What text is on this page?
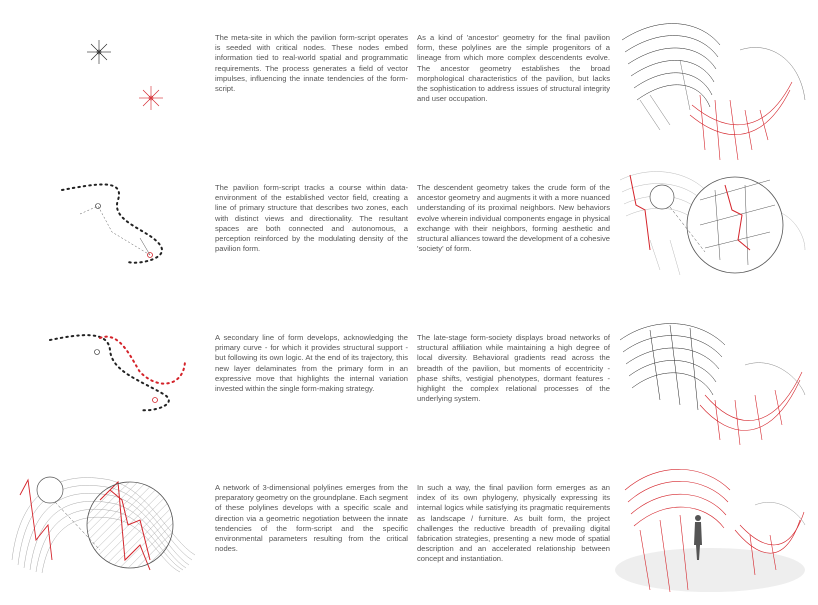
The meta-site in which the pavilion form-script operates is seeded with critical nodes. These nodes embed information tied to real-world spatial and programmatic requirements. The process generates a field of vector impulses, influencing the innate tendencies of the form-script.
As a kind of 'ancestor' geometry for the final pavilion form, these polylines are the simple progenitors of a lineage from which more complex descendents evolve. The ancestor geometry establishes the broad morphological characteristics of the pavilion, but lacks the sophistication to address issues of structural integrity and user occupation.
The pavilion form-script tracks a course within data-environment of the established vector field, creating a line of primary structure that describes two zones, each with distinct views and directionality. The resultant spaces are both connected and autonomous, a perception reinforced by the modulating density of the pavilion form.
The descendent geometry takes the crude form of the ancestor geometry and augments it with a more nuanced understanding of its proximal neighbors. New behaviors evolve wherein individual components engage in physical exchange with their neighbors, forming aesthetic and structural alliances toward the development of a cohesive 'society' of form.
A secondary line of form develops, acknowledging the primary curve - for which it provides structural support - but following its own logic. At the end of its trajectory, this new layer delaminates from the primary form in an expressive move that highlights the internal variation invested within the single form-making strategy.
The late-stage form-society displays broad networks of structural affiliation while maintaining a high degree of local diversity. Behavioral gradients read across the breadth of the pavilion, but moments of eccentricity - phase shifts, vestigial phenotypes, dormant features - highlight the complex relational processes of the underlying system.
A network of 3-dimensional polylines emerges from the preparatory geometry on the groundplane. Each segment of these polylines develops with a specific scale and direction via a geometric negotiation between the innate tendencies of the form-script and the specific environmental parameters resulting from the critical nodes.
In such a way, the final pavilion form emerges as an index of its own phylogeny, physically expressing its internal logics while satisfying its pragmatic requirements as landscape / furniture. As built form, the project challenges the reductive breadth of prevailing digital fabrication strategies, presenting a new mode of spatial description and an accelerated relationship between concept and instantiation.
